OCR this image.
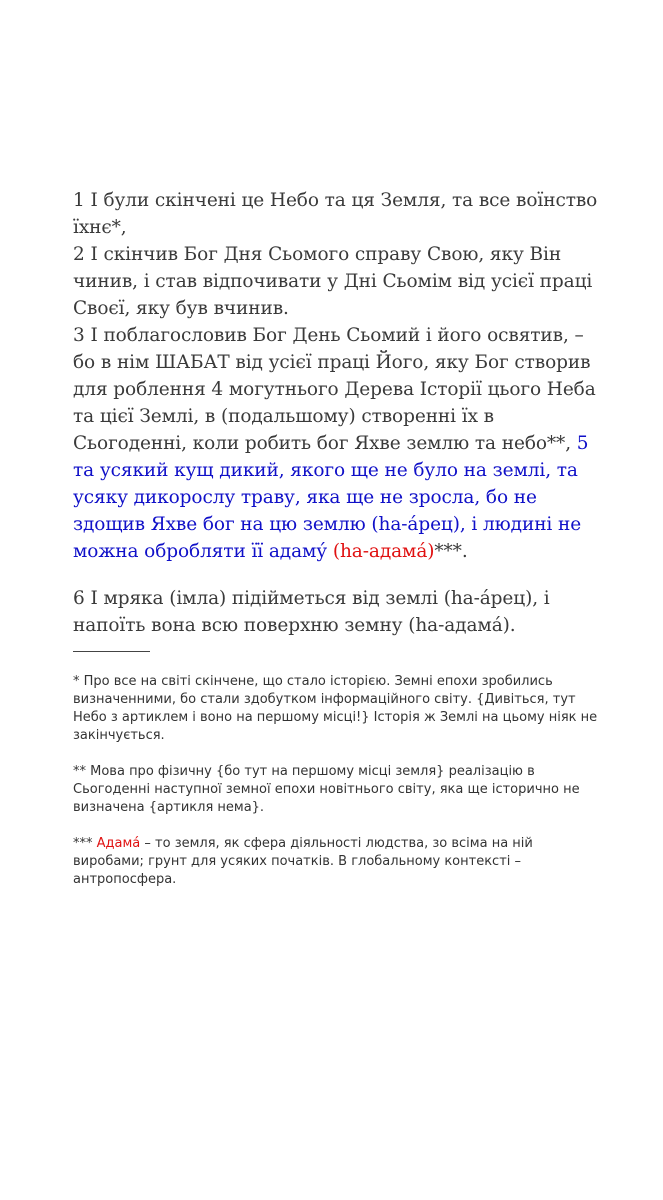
1 І були скінчені це Небо та ця Земля, та все воїнство їхнє*,
2 І скінчив Бог Дня Сьомого справу Свою, яку Він чинив, і став відпочивати у Дні Сьомім від усієї праці Своєї, яку був вчинив.
3 І поблагословив Бог День Сьомий і його освятив, – бо в нім ШАБАТ від усієї праці Його, яку Бог створив для роблення 4 могутнього Дерева Історії цього Неба та цієї Землі, в (подальшому) створенні їх в Сьогоденні, коли робить бог Яхве землю та небо**, 5 та усякий кущ дикий, якого ще не було на землі, та усяку дикорослу траву, яка ще не зросла, бо не здощив Яхве бог на цю землю (hа-а́рец), і людині не можна обробляти її адаму́ (hа-адама́)***.

6 І мряка (імла) підійметься від землі (hа-а́рец), і напоїть вона всю поверхню земну (hа-адама́).

* Про все на світі скінчене, що стало історією. Земні епохи зробились визначенними, бо стали здобутком інформаційного світу. {Дивіться, тут Небо з артиклем і воно на першому місці!} Історія ж Землі на цьому ніяк не закінчується.

** Мова про фізичну {бо тут на першому місці земля} реалізацію в Сьогоденні наступної земної епохи новітнього світу, яка ще історично не визначена {артикля нема}.

*** Адама́ – то земля, як сфера діяльності людства, зо всіма на ній виробами; грунт для усяких початків. В глобальному контексті – антропосфера.
